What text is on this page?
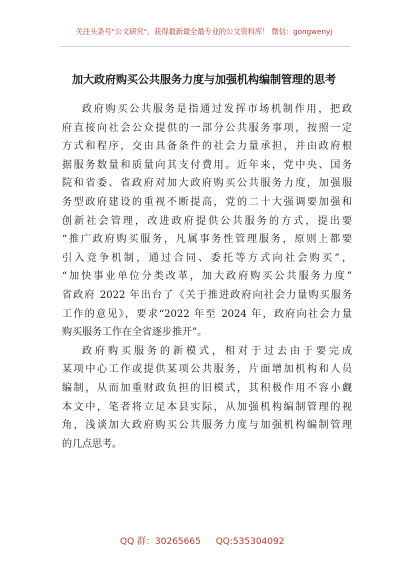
关注头条号"公文研究"，获得最新最全最专业的公文资料库！ 微信：gongwenyj
加大政府购买公共服务力度与加强机构编制管理的思考
政府购买公共服务是指通过发挥市场机制作用，把政
府直接向社会公众提供的一部分公共服务事项，按照一定
方式和程序，交由具备条件的社会力量承担，并由政府根
据服务数量和质量向其支付费用。近年来，党中央、国务
院和省委、省政府对加大政府购买公共服务力度，加强服
务型政府建设的重视不断提高，党的二十大强调要加强和
创新社会管理，改进政府提供公共服务的方式，提出要
“推广政府购买服务，凡属事务性管理服务，原则上都要
引入竞争机制，通过合同、委托等方式向社会购买”，
“加快事业单位分类改革，加大政府购买公共服务力度”
省政府 2022 年出台了《关于推进政府向社会力量购买服务
工作的意见》，要求“2022 年至 2024 年，政府向社会力量
购买服务工作在全省逐步推开”。
政府购买服务的新模式，相对于过去由于要完成
某项中心工作或提供某项公共服务，片面增加机构和人员
编制，从而加重财政负担的旧模式，其积极作用不容小觑
本文中，笔者将立足本县实际，从加强机构编制管理的视
角，浅谈加大政府购买公共服务力度与加强机构编制管理
的几点思考。
QQ 群：30265665 QQ:535304092
